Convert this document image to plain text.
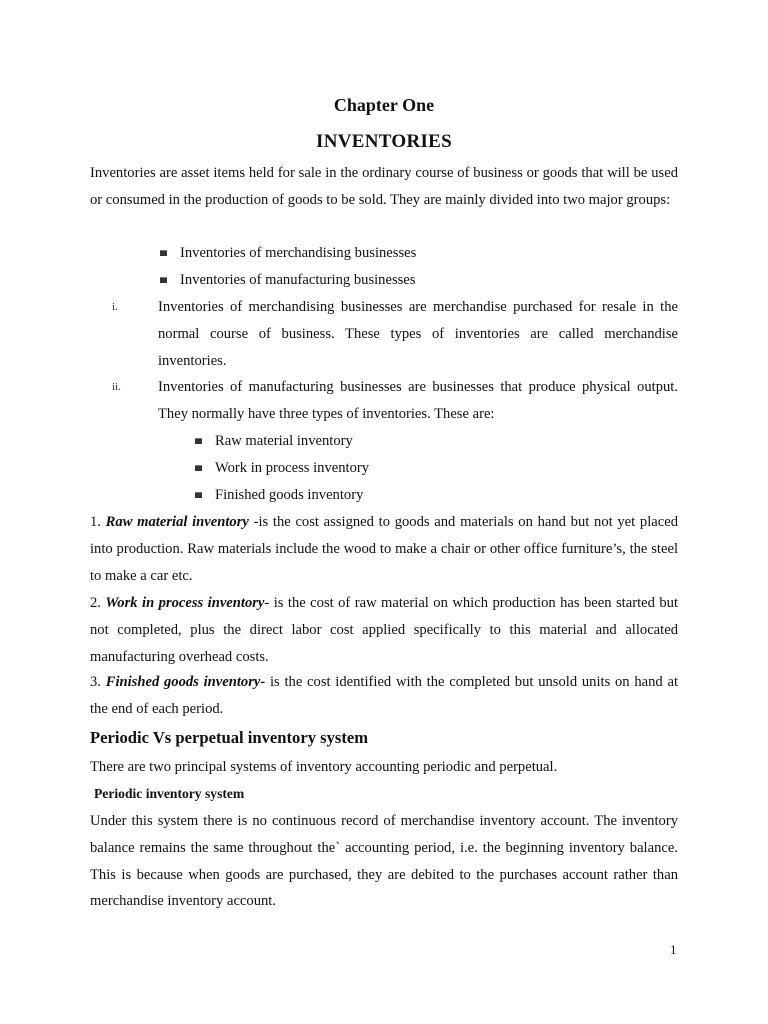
Chapter One
INVENTORIES

Inventories are asset items held for sale in the ordinary course of business or goods that will be used or consumed in the production of goods to be sold. They are mainly divided into two major groups:

Inventories of merchandising businesses
Inventories of manufacturing businesses
i.	Inventories of merchandising businesses are merchandise purchased for resale in the normal course of business. These types of inventories are called merchandise inventories.

ii.	Inventories of manufacturing businesses are businesses that produce physical output. They normally have three types of inventories. These are:

Raw material inventory
Work in process inventory
Finished goods inventory

1. Raw material inventory -is the cost assigned to goods and materials on hand but not yet placed into production. Raw materials include the wood to make a chair or other office furniture’s, the steel to make a car etc.

2. Work in process inventory- is the cost of raw material on which production has been started but not completed, plus the direct labor cost applied specifically to this material and allocated manufacturing overhead costs.

3. Finished goods inventory- is the cost identified with the completed but unsold units on hand at the end of each period.

Periodic Vs perpetual inventory system

There are two principal systems of inventory accounting periodic and perpetual.

Periodic inventory system

Under this system there is no continuous record of merchandise inventory account. The inventory balance remains the same throughout the` accounting period, i.e. the beginning inventory balance. This is because when goods are purchased, they are debited to the purchases account rather than merchandise inventory account.

1
